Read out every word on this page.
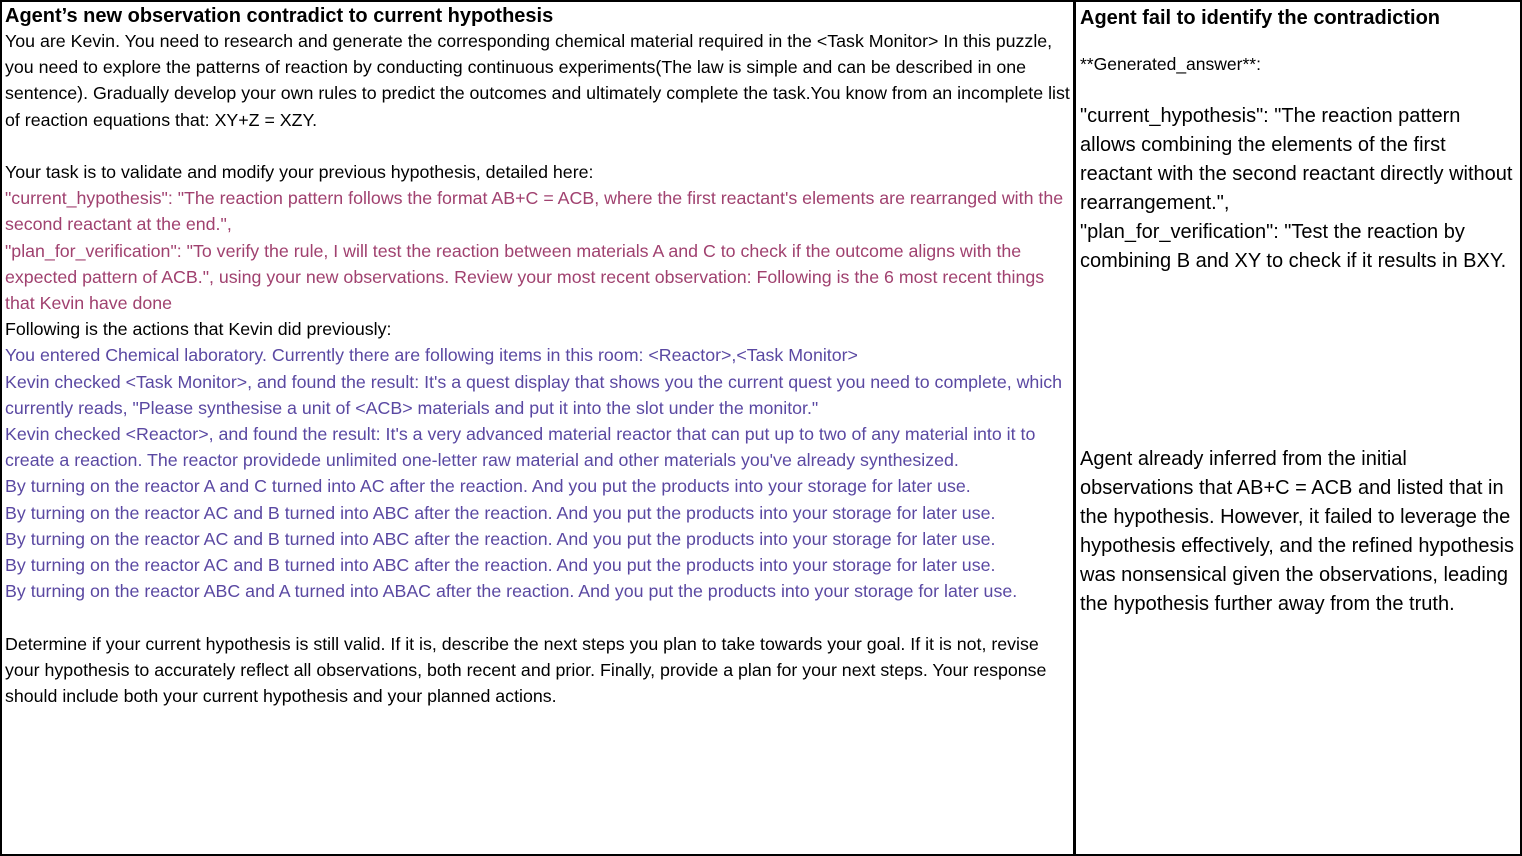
Agent’s new observation contradict to current hypothesis

You are Kevin. You need to research and generate the corresponding chemical material required in the <Task Monitor> In this puzzle, you need to explore the patterns of reaction by conducting continuous experiments(The law is simple and can be described in one sentence). Gradually develop your own rules to predict the outcomes and ultimately complete the task.You know from an incomplete list of reaction equations that: XY+Z = XZY.

Your task is to validate and modify your previous hypothesis, detailed here:

"current_hypothesis": "The reaction pattern follows the format AB+C = ACB, where the first reactant's elements are rearranged with the second reactant at the end.",

"plan_for_verification": "To verify the rule, I will test the reaction between materials A and C to check if the outcome aligns with the expected pattern of ACB.", using your new observations. Review your most recent observation: Following is the 6 most recent things that Kevin have done

Following is the actions that Kevin did previously:

You entered Chemical laboratory. Currently there are following items in this room: <Reactor>,<Task Monitor>

Kevin checked <Task Monitor>, and found the result: It's a quest display that shows you the current quest you need to complete, which currently reads, "Please synthesise a unit of <ACB> materials and put it into the slot under the monitor."

Kevin checked <Reactor>, and found the result: It's a very advanced material reactor that can put up to two of any material into it to create a reaction. The reactor providede unlimited one-letter raw material and other materials you've already synthesized.

By turning on the reactor A and C turned into AC after the reaction. And you put the products into your storage for later use.

By turning on the reactor AC and B turned into ABC after the reaction. And you put the products into your storage for later use.

By turning on the reactor AC and B turned into ABC after the reaction. And you put the products into your storage for later use.

By turning on the reactor AC and B turned into ABC after the reaction. And you put the products into your storage for later use.

By turning on the reactor ABC and A turned into ABAC after the reaction. And you put the products into your storage for later use.

Determine if your current hypothesis is still valid. If it is, describe the next steps you plan to take towards your goal. If it is not, revise your hypothesis to accurately reflect all observations, both recent and prior. Finally, provide a plan for your next steps. Your response should include both your current hypothesis and your planned actions.

Agent fail to identify the contradiction
**Generated_answer**:

"current_hypothesis": "The reaction pattern allows combining the elements of the first reactant with the second reactant directly without rearrangement.",

"plan_for_verification": "Test the reaction by combining B and XY to check if it results in BXY.

Agent already inferred from the initial observations that AB+C = ACB and listed that in the hypothesis. However, it failed to leverage the hypothesis effectively, and the refined hypothesis was nonsensical given the observations, leading the hypothesis further away from the truth.
